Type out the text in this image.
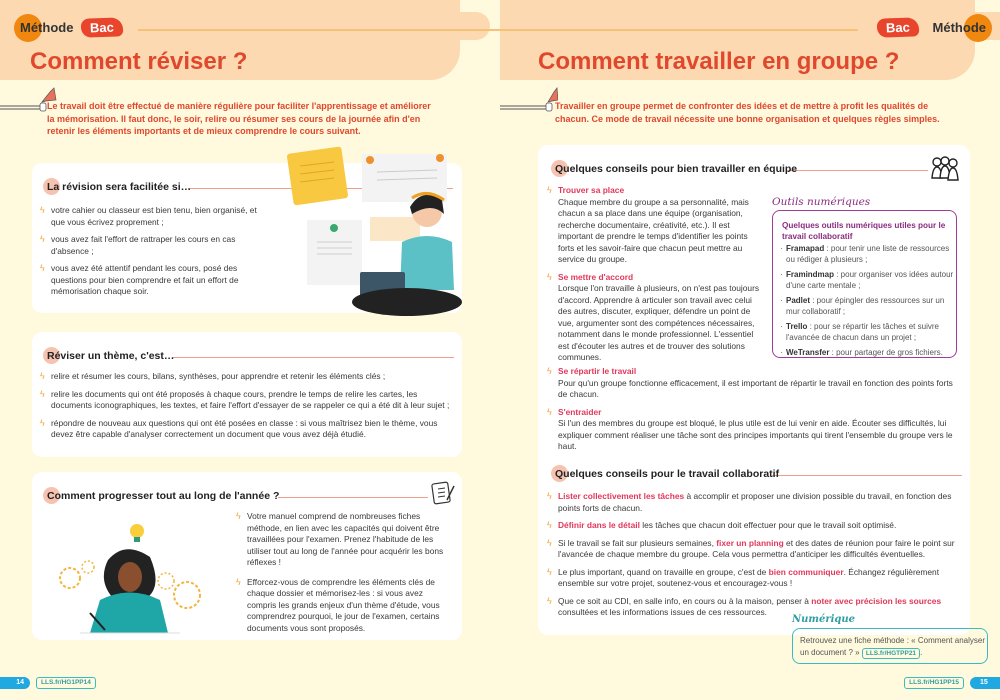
Méthode	Bac
Comment réviser ?
Le travail doit être effectué de manière régulière pour faciliter l'apprentissage et améliorer la mémorisation. Il faut donc, le soir, relire ou résumer ses cours de la journée afin d'en retenir les éléments importants et de mieux comprendre le cours suivant.
La révision sera facilitée si…
ϟ votre cahier ou classeur est bien tenu, bien organisé, et que vous écrivez proprement ;
ϟ vous avez fait l'effort de rattraper les cours en cas d'absence ;
ϟ vous avez été attentif pendant les cours, posé des questions pour bien comprendre et fait un effort de mémorisation chaque soir.
Réviser un thème, c'est…
ϟ relire et résumer les cours, bilans, synthèses, pour apprendre et retenir les éléments clés ;
ϟ relire les documents qui ont été proposés à chaque cours, prendre le temps de relire les cartes, les documents iconographiques, les textes, et faire l'effort d'essayer de se rappeler ce qui a été dit à leur sujet ;
ϟ répondre de nouveau aux questions qui ont été posées en classe : si vous maîtrisez bien le thème, vous devez être capable d'analyser correctement un document que vous avez déjà étudié.
Comment progresser tout au long de l'année ?
ϟ Votre manuel comprend de nombreuses fiches méthode, en lien avec les capacités qui doivent être travaillées pour l'examen. Prenez l'habitude de les utiliser tout au long de l'année pour acquérir les bons réflexes !
ϟ Efforcez-vous de comprendre les éléments clés de chaque dossier et mémorisez-les : si vous avez compris les grands enjeux d'un thème d'étude, vous comprendrez pourquoi, le jour de l'examen, certains documents vous sont proposés.
14	LLS.fr/HG1PP14
Bac	Méthode
Comment travailler en groupe ?
Travailler en groupe permet de confronter des idées et de mettre à profit les qualités de chacun. Ce mode de travail nécessite une bonne organisation et quelques règles simples.
Quelques conseils pour bien travailler en équipe
ϟ Trouver sa place
Chaque membre du groupe a sa personnalité, mais chacun a sa place dans une équipe (organisation, recherche documentaire, créativité, etc.). Il est important de prendre le temps d'identifier les points forts et les savoir-faire que chacun peut mettre au service du groupe.
ϟ Se mettre d'accord
Lorsque l'on travaille à plusieurs, on n'est pas toujours d'accord. Apprendre à articuler son travail avec celui des autres, discuter, expliquer, défendre un point de vue, argumenter sont des compétences nécessaires, notamment dans le monde professionnel. L'essentiel est d'écouter les autres et de trouver des solutions communes.
ϟ Se répartir le travail
Pour qu'un groupe fonctionne efficacement, il est important de répartir le travail en fonction des points forts de chacun.
ϟ S'entraider
Si l'un des membres du groupe est bloqué, le plus utile est de lui venir en aide. Écouter ses difficultés, lui expliquer comment réaliser une tâche sont des principes importants qui tirent l'ensemble du groupe vers le haut.
Outils numériques
Quelques outils numériques utiles pour le travail collaboratif
· Framapad : pour tenir une liste de ressources ou rédiger à plusieurs ;
· Framindmap : pour organiser vos idées autour d'une carte mentale ;
· Padlet : pour épingler des ressources sur un mur collaboratif ;
· Trello : pour se répartir les tâches et suivre l'avancée de chacun dans un projet ;
· WeTransfer : pour partager de gros fichiers.
Quelques conseils pour le travail collaboratif
ϟ Lister collectivement les tâches à accomplir et proposer une division possible du travail, en fonction des points forts de chacun.
ϟ Définir dans le détail les tâches que chacun doit effectuer pour que le travail soit optimisé.
ϟ Si le travail se fait sur plusieurs semaines, fixer un planning et des dates de réunion pour faire le point sur l'avancée de chaque membre du groupe. Cela vous permettra d'anticiper les difficultés éventuelles.
ϟ Le plus important, quand on travaille en groupe, c'est de bien communiquer. Échangez régulièrement ensemble sur votre projet, soutenez-vous et encouragez-vous !
ϟ Que ce soit au CDI, en salle info, en cours ou à la maison, penser à noter avec précision les sources consultées et les informations issues de ces ressources.
Numérique
Retrouvez une fiche méthode : « Comment analyser un document ? » LLS.fr/HGTPP21 .
LLS.fr/HG1PP15	15
